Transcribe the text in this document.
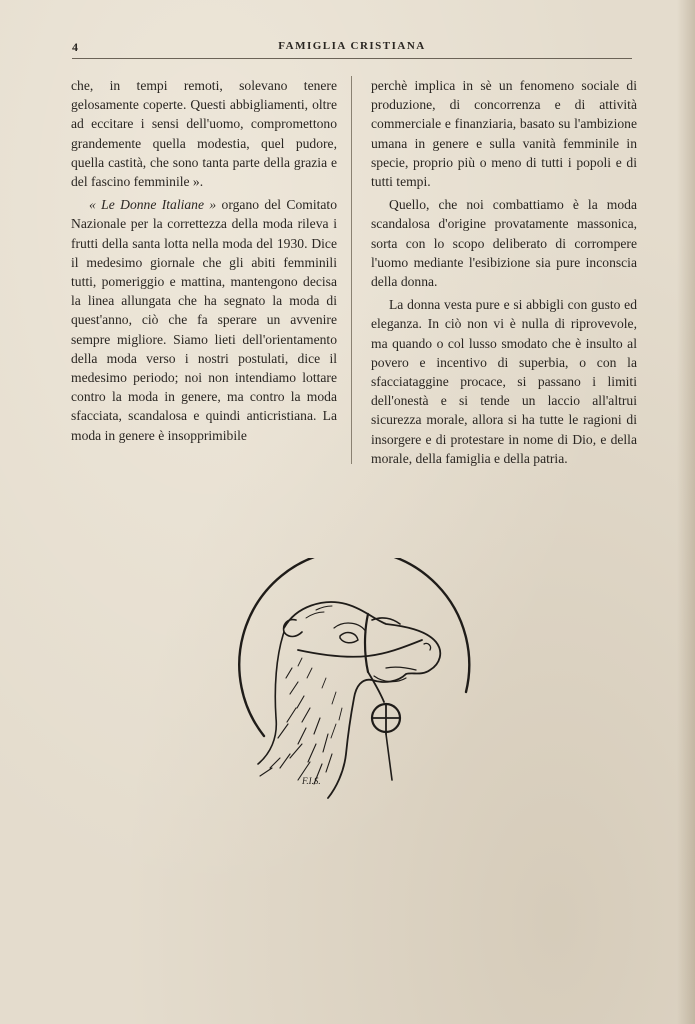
4	FAMIGLIA CRISTIANA

che, in tempi remoti, solevano tenere gelosamente coperte. Questi abbigliamenti, oltre ad eccitare i sensi dell'uomo, compromettono grandemente quella modestia, quel pudore, quella castità, che sono tanta parte della grazia e del fascino femminile ».

« Le Donne Italiane » organo del Comitato Nazionale per la correttezza della moda rileva i frutti della santa lotta nella moda del 1930. Dice il medesimo giornale che gli abiti femminili tutti, pomeriggio e mattina, mantengono decisa la linea allungata che ha segnato la moda di quest'anno, ciò che fa sperare un avvenire sempre migliore. Siamo lieti dell'orientamento della moda verso i nostri postulati, dice il medesimo periodo; noi non intendiamo lottare contro la moda in genere, ma contro la moda sfacciata, scandalosa e quindi anticristiana. La moda in genere è insopprimibile

perchè implica in sè un fenomeno sociale di produzione, di concorrenza e di attività commerciale e finanziaria, basato su l'ambizione umana in genere e sulla vanità femminile in specie, proprio più o meno di tutti i popoli e di tutti tempi.

Quello, che noi combattiamo è la moda scandalosa d'origine provatamente massonica, sorta con lo scopo deliberato di corrompere l'uomo mediante l'esibizione sia pure inconscia della donna.

La donna vesta pure e si abbigli con gusto ed eleganza. In ciò non vi è nulla di riprovevole, ma quando o col lusso smodato che è insulto al povero e incentivo di superbia, o con la sfacciataggine procace, si passano i limiti dell'onestà e si tende un laccio all'altrui sicurezza morale, allora si ha tutte le ragioni di insorgere e di protestare in nome di Dio, e della morale, della famiglia e della patria.

F.I.S.
